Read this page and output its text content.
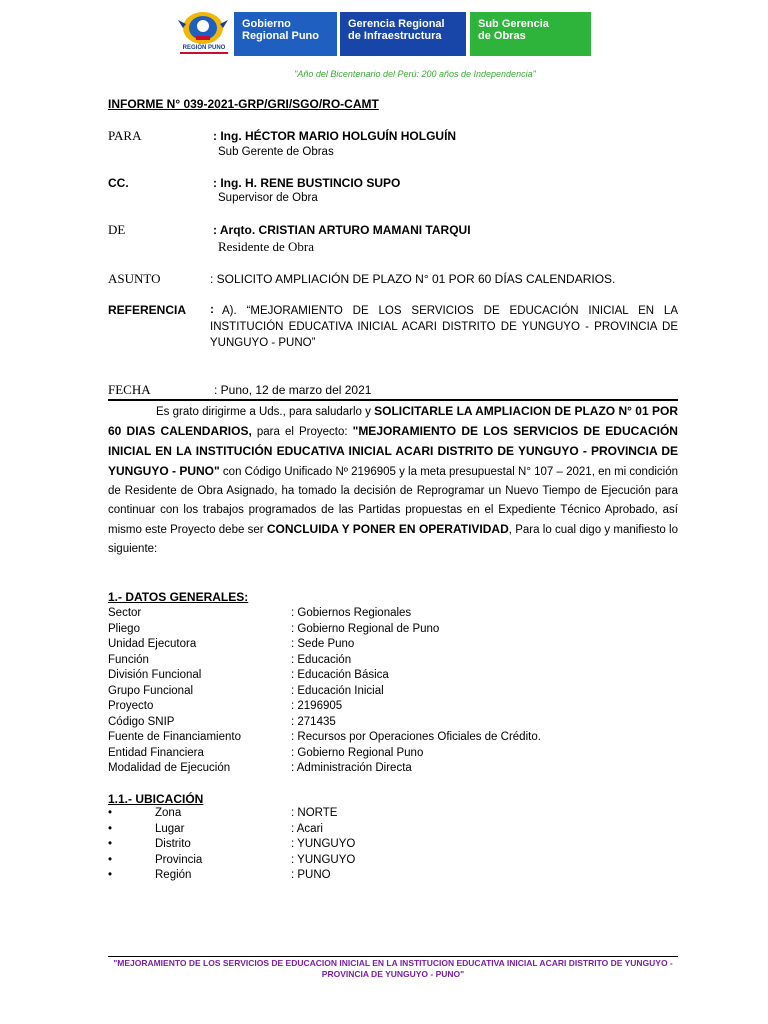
REGIÓN PUNO
Gobierno
Regional Puno
Gerencia Regional
de Infraestructura
Sub Gerencia
de Obras
"Año del Bicentenario del Perú: 200 años de Independencia"
INFORME N° 039-2021-GRP/GRI/SGO/RO-CAMT
PARA	: Ing. HÉCTOR MARIO HOLGUÍN HOLGUÍN
Sub Gerente de Obras
CC.	: Ing. H. RENE BUSTINCIO SUPO
Supervisor de Obra
DE	: Arqto. CRISTIAN ARTURO MAMANI TARQUI
Residente de Obra
ASUNTO	: SOLICITO AMPLIACIÓN DE PLAZO N° 01 POR 60 DÍAS CALENDARIOS.
REFERENCIA : A). “MEJORAMIENTO DE LOS SERVICIOS DE EDUCACIÓN INICIAL EN LA INSTITUCIÓN EDUCATIVA INICIAL ACARI DISTRITO DE YUNGUYO - PROVINCIA DE YUNGUYO - PUNO”
FECHA	: Puno, 12 de marzo del 2021
Es grato dirigirme a Uds., para saludarlo y SOLICITARLE LA AMPLIACION DE PLAZO N° 01 POR 60 DIAS CALENDARIOS, para el Proyecto: "MEJORAMIENTO DE LOS SERVICIOS DE EDUCACIÓN INICIAL EN LA INSTITUCIÓN EDUCATIVA INICIAL ACARI DISTRITO DE YUNGUYO - PROVINCIA DE YUNGUYO - PUNO" con Código Unificado Nº 2196905 y la meta presupuestal N° 107 – 2021, en mi condición de Residente de Obra Asignado, ha tomado la decisión de Reprogramar un Nuevo Tiempo de Ejecución para continuar con los trabajos programados de las Partidas propuestas en el Expediente Técnico Aprobado, así mismo este Proyecto debe ser CONCLUIDA Y PONER EN OPERATIVIDAD, Para lo cual digo y manifiesto lo siguiente:
1.- DATOS GENERALES:
Sector	: Gobiernos Regionales
Pliego	: Gobierno Regional de Puno
Unidad Ejecutora	: Sede Puno
Función	: Educación
División Funcional	: Educación Básica
Grupo Funcional	: Educación Inicial
Proyecto	: 2196905
Código SNIP	: 271435
Fuente de Financiamiento	: Recursos por Operaciones Oficiales de Crédito.
Entidad Financiera	: Gobierno Regional Puno
Modalidad de Ejecución	: Administración Directa
1.1.- UBICACIÓN
•	Zona	: NORTE
•	Lugar	: Acari
•	Distrito	: YUNGUYO
•	Provincia	: YUNGUYO
•	Región	: PUNO
"MEJORAMIENTO DE LOS SERVICIOS DE EDUCACION INICIAL EN LA INSTITUCION EDUCATIVA INICIAL ACARI DISTRITO DE YUNGUYO - PROVINCIA DE YUNGUYO - PUNO"
